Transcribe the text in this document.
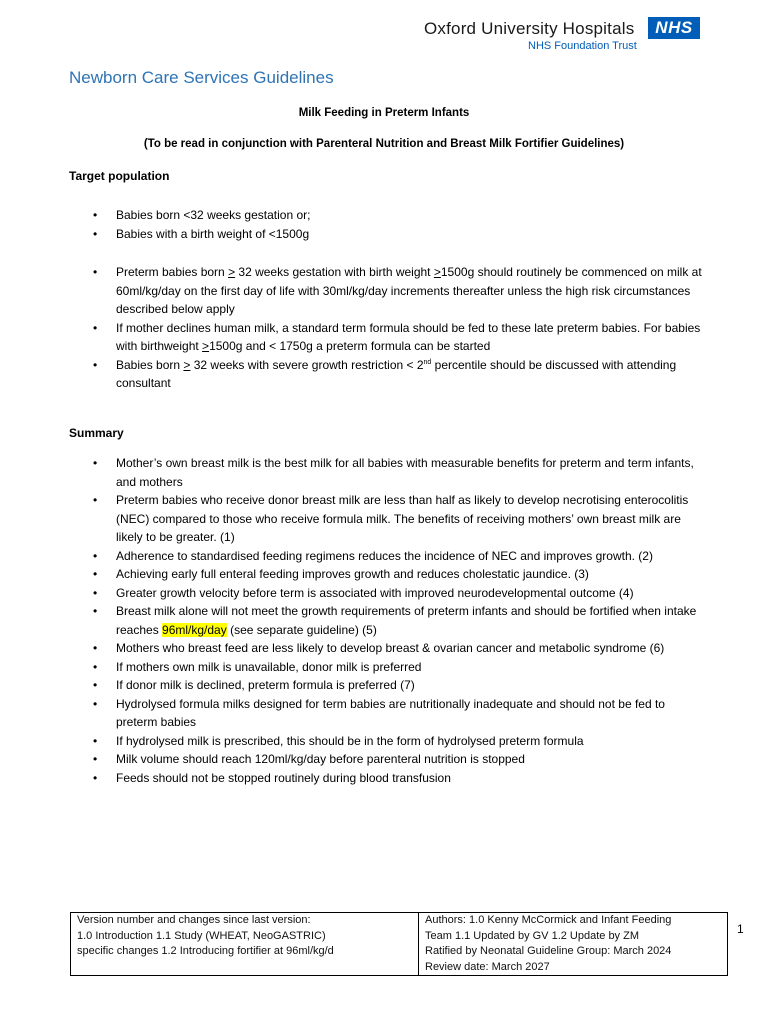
Oxford University Hospitals	NHS
NHS Foundation Trust
Newborn Care Services Guidelines
Milk Feeding in Preterm Infants
(To be read in conjunction with Parenteral Nutrition and Breast Milk Fortifier Guidelines)
Target population
• Babies born <32 weeks gestation or;
• Babies with a birth weight of <1500g
• Preterm babies born > 32 weeks gestation with birth weight >1500g should routinely be commenced on milk at 60ml/kg/day on the first day of life with 30ml/kg/day increments thereafter unless the high risk circumstances described below apply
• If mother declines human milk, a standard term formula should be fed to these late preterm babies. For babies with birthweight >1500g and < 1750g a preterm formula can be started
• Babies born > 32 weeks with severe growth restriction < 2nd percentile should be discussed with attending consultant
Summary
• Mother’s own breast milk is the best milk for all babies with measurable benefits for preterm and term infants, and mothers
• Preterm babies who receive donor breast milk are less than half as likely to develop necrotising enterocolitis (NEC) compared to those who receive formula milk. The benefits of receiving mothers’ own breast milk are likely to be greater. (1)
• Adherence to standardised feeding regimens reduces the incidence of NEC and improves growth. (2)
• Achieving early full enteral feeding improves growth and reduces cholestatic jaundice. (3)
• Greater growth velocity before term is associated with improved neurodevelopmental outcome (4)
• Breast milk alone will not meet the growth requirements of preterm infants and should be fortified when intake reaches 96ml/kg/day (see separate guideline) (5)
• Mothers who breast feed are less likely to develop breast & ovarian cancer and metabolic syndrome (6)
• If mothers own milk is unavailable, donor milk is preferred
• If donor milk is declined, preterm formula is preferred (7)
• Hydrolysed formula milks designed for term babies are nutritionally inadequate and should not be fed to preterm babies
• If hydrolysed milk is prescribed, this should be in the form of hydrolysed preterm formula
• Milk volume should reach 120ml/kg/day before parenteral nutrition is stopped
• Feeds should not be stopped routinely during blood transfusion
Version number and changes since last version:
1.0 Introduction 1.1 Study (WHEAT, NeoGASTRIC)
specific changes 1.2 Introducing fortifier at 96ml/kg/d

Authors: 1.0 Kenny McCormick and Infant Feeding
Team 1.1 Updated by GV 1.2 Update by ZM
Ratified by Neonatal Guideline Group: March 2024
Review date: March 2027
1
